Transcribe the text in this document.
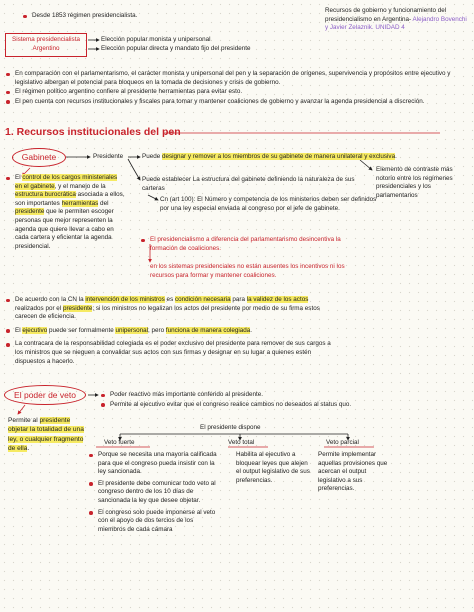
Desde 1853 régimen presidencialista.
Recursos de gobierno y funcionamiento del presidencialismo en Argentina- Alejandro Bovenchi y Javier Zelaznik. UNIDAD 4
Sistema presidencialista Argentino
Elección popular monista y unipersonal
Elección popular directa y mandato fijo del presidente
En comparación con el parlamentarismo, el carácter monista y unipersonal del pen y la separación de orígenes, supervivencia y propósitos entre ejecutivo y legislativo albergan el potencial para bloqueos en la tomada de decisiones y crisis de gobierno.
El régimen político argentino confiere al presidente herramientas para evitar esto.
El pen cuenta con recursos institucionales y fiscales para tomar y mantener coaliciones de gobierno y avanzar la agenda presidencial a discreción.
1. Recursos institucionales del pen
Gabinete	Presidente	Puede designar y remover a los miembros de su gabinete de manera unilateral y exclusiva.
Puede establecer La estructura del gabinete definiendo la naturaleza de sus carteras
Elemento de contraste más notorio entre los regímenes presidenciales y los parlamentarios
Cn (art 100): El Número y competencia de los ministerios deben ser definidos por una ley especial enviada al congreso por el jefe de gabinete.
El presidencialismo a diferencia del parlamentarismo desincentiva la formación de coaliciones.
en los sistemas presidenciales no están ausentes los incentivos ni los recursos para formar y mantener coaliciones.
El control de los cargos ministeriales en el gabinete, y el manejo de la estructura burocrática asociada a ellos, son importantes herramientas del presidente que le permiten escoger personas que mejor representen la agenda que quiere llevar a cabo en cada cartera y eficientar la agenda presidencial.
De acuerdo con la CN la intervención de los ministros es condición necesaria para la validez de los actos realizados por el presidente; si los ministros no legalizan los actos del presidente por medio de su firma estos carecen de eficiencia.
El ejecutivo puede ser formalmente unipersonal, pero funciona de manera colegiada.
La contracara de la responsabilidad colegiada es el poder exclusivo del presidente para remover de sus cargos a los ministros que se nieguen a convalidar sus actos con sus firmas y designar en su lugar a quienes estén dispuestos a hacerlo.
El poder de veto	Poder reactivo más importante conferido al presidente.
Permite al ejecutivo evitar que el congreso realice cambios no deseados al status quo.
Permite al presidente objetar la totalidad de una ley, o cualquier fragmento de ella.
El presidente dispone
Veto fuerte	Veto total	Veto parcial
Porque se necesita una mayoría calificada para que el congreso pueda insistir con la ley sancionada.
El presidente debe comunicar todo veto al congreso dentro de los 10 días de sancionada la ley que desee objetar.
El congreso solo puede imponerse al veto con el apoyo de dos tercios de los miembros de cada cámara
Habilita al ejecutivo a bloquear leyes que alejen el output legislativo de sus preferencias.
Permite implementar aquellas provisiones que acercan el output legislativo a sus preferencias.
